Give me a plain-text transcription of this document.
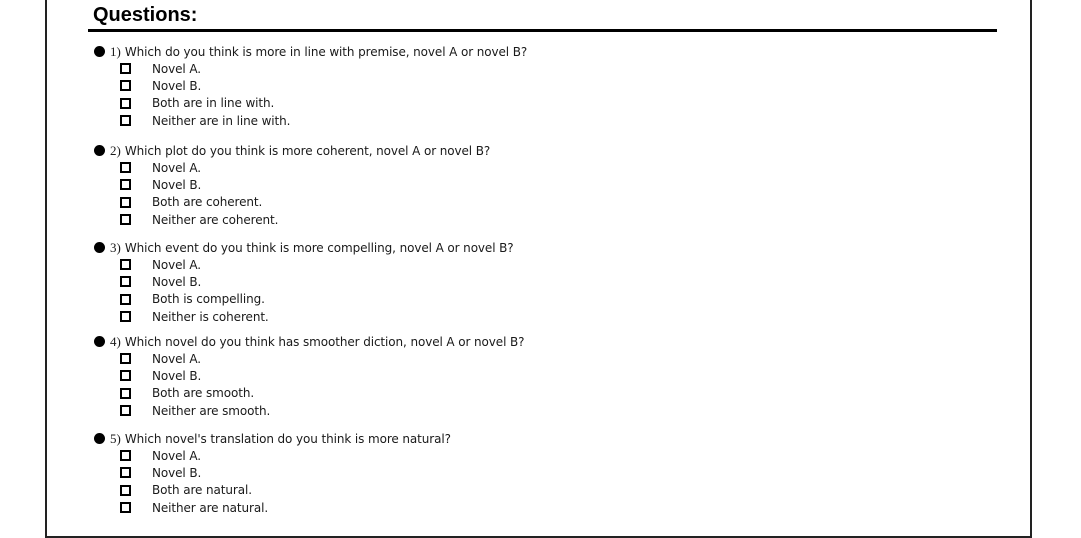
Questions:
1) Which do you think is more in line with premise, novel A or novel B?
Novel A.
Novel B.
Both are in line with.
Neither are in line with.
2) Which plot do you think is more coherent, novel A or novel B?
Novel A.
Novel B.
Both are coherent.
Neither are coherent.
3) Which event do you think is more compelling, novel A or novel B?
Novel A.
Novel B.
Both is compelling.
Neither is coherent.
4) Which novel do you think has smoother diction, novel A or novel B?
Novel A.
Novel B.
Both are smooth.
Neither are smooth.
5) Which novel's translation do you think is more natural?
Novel A.
Novel B.
Both are natural.
Neither are natural.
